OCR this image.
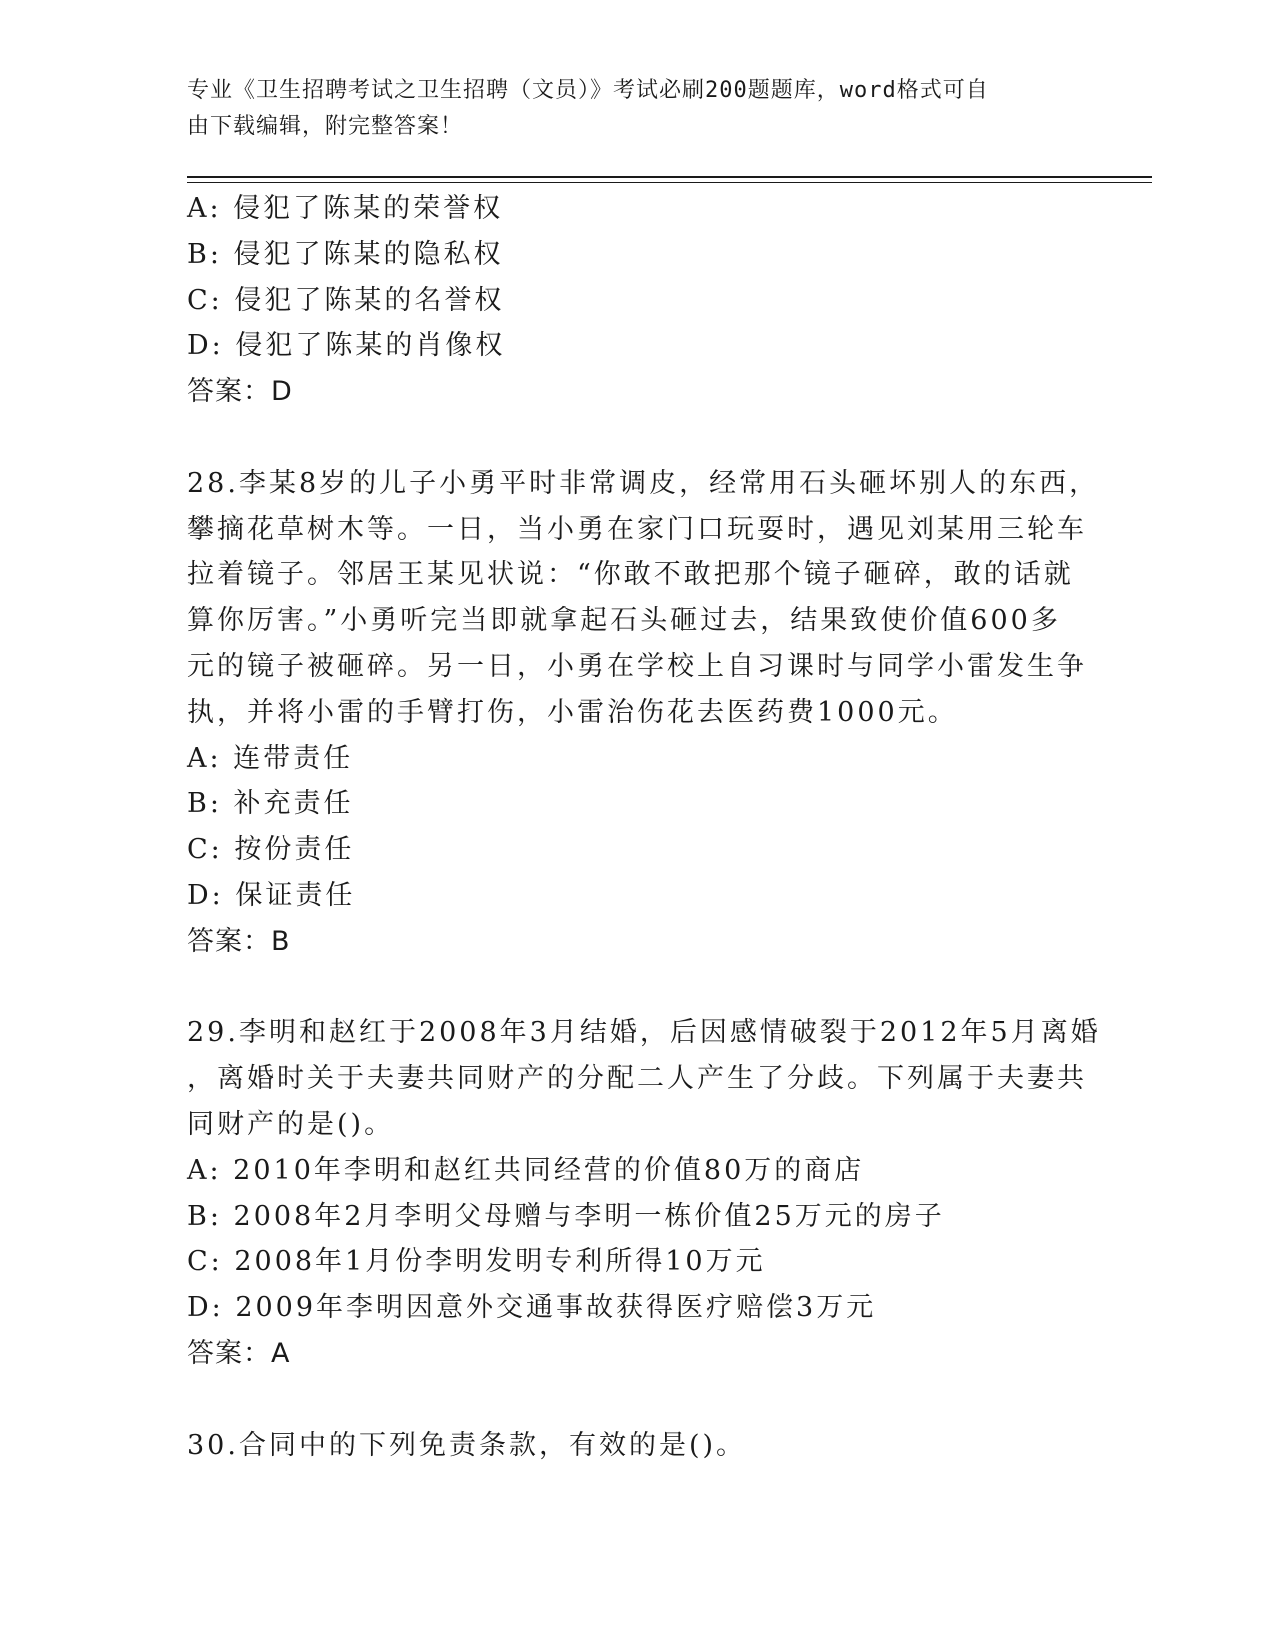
专业《卫生招聘考试之卫生招聘（文员）》考试必刷200题题库，word格式可自
由下载编辑，附完整答案！
A: 侵犯了陈某的荣誉权
B: 侵犯了陈某的隐私权
C: 侵犯了陈某的名誉权
D: 侵犯了陈某的肖像权
答案：D
28.李某8岁的儿子小勇平时非常调皮，经常用石头砸坏别人的东西，
攀摘花草树木等。一日，当小勇在家门口玩耍时，遇见刘某用三轮车
拉着镜子。邻居王某见状说：“你敢不敢把那个镜子砸碎，敢的话就
算你厉害。”小勇听完当即就拿起石头砸过去，结果致使价值600多
元的镜子被砸碎。另一日，小勇在学校上自习课时与同学小雷发生争
执，并将小雷的手臂打伤，小雷治伤花去医药费1000元。
A: 连带责任
B: 补充责任
C: 按份责任
D: 保证责任
答案：B
29.李明和赵红于2008年3月结婚，后因感情破裂于2012年5月离婚
，离婚时关于夫妻共同财产的分配二人产生了分歧。下列属于夫妻共
同财产的是()。
A: 2010年李明和赵红共同经营的价值80万的商店
B: 2008年2月李明父母赠与李明一栋价值25万元的房子
C: 2008年1月份李明发明专利所得10万元
D: 2009年李明因意外交通事故获得医疗赔偿3万元
答案：A
30.合同中的下列免责条款，有效的是()。
